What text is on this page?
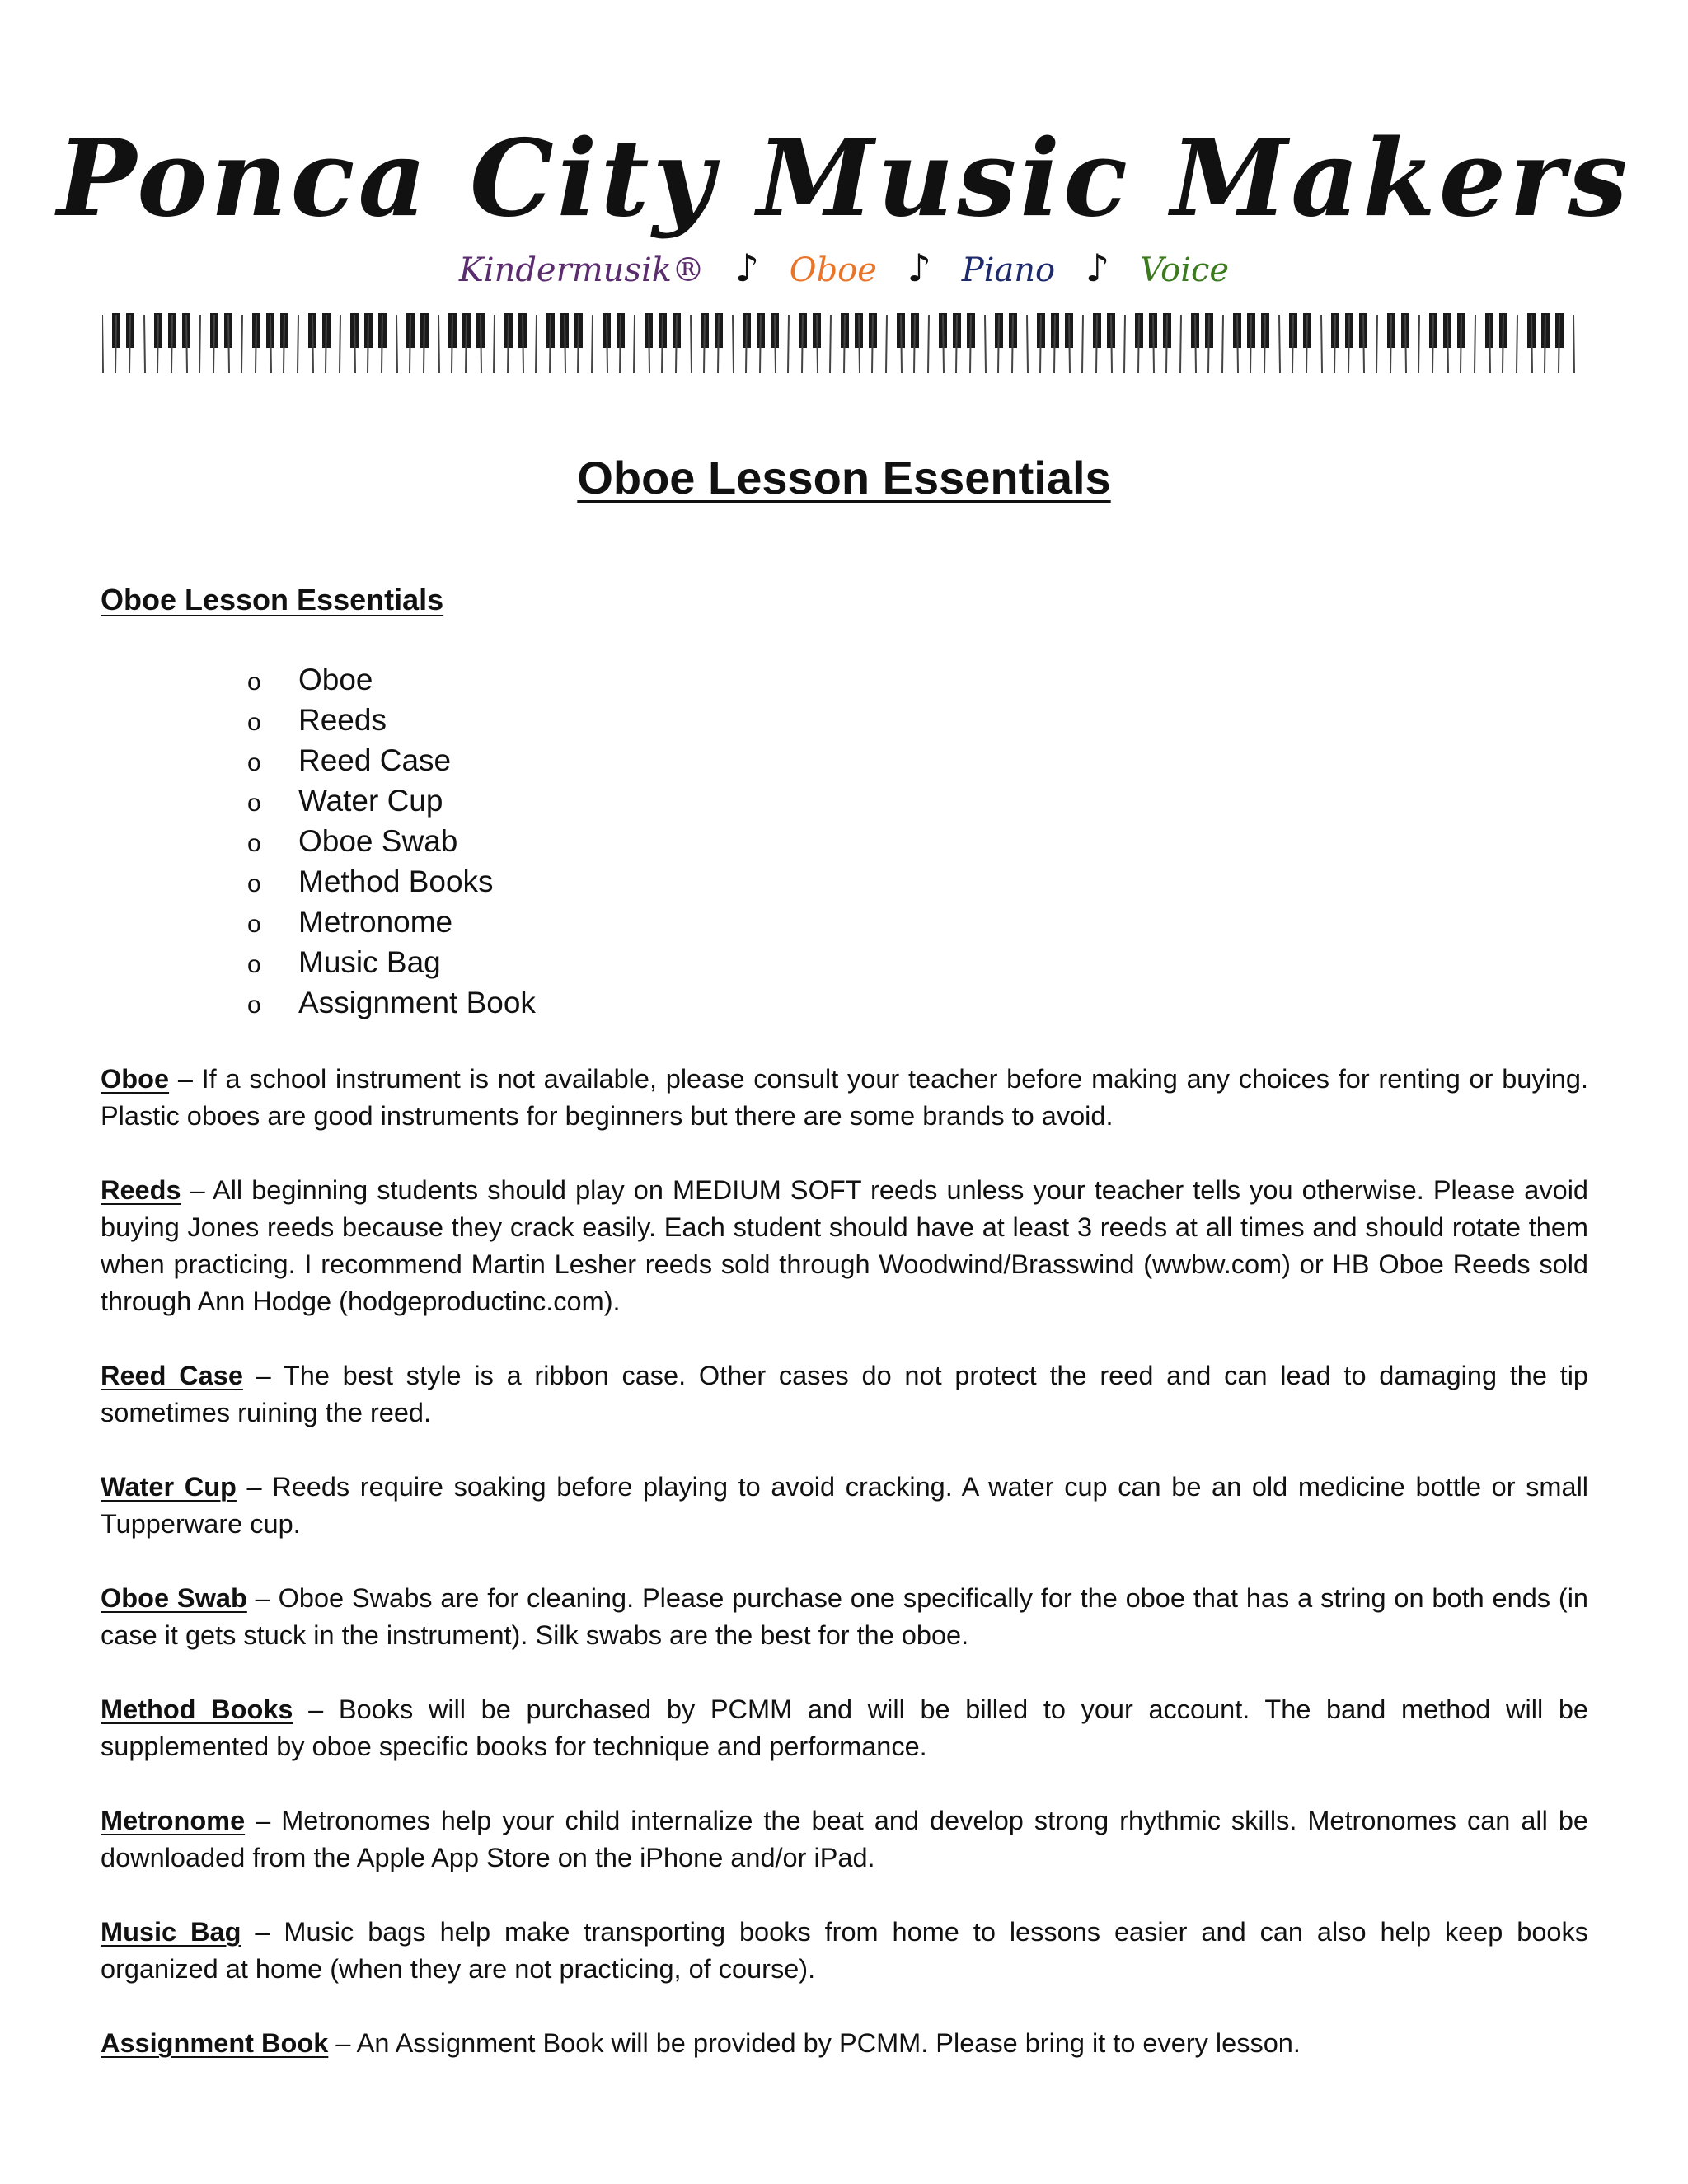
Ponca City Music Makers
Kindermusik® ♪ Oboe ♪ Piano ♪ Voice
Oboe Lesson Essentials
Oboe Lesson Essentials
o Oboe
o Reeds
o Reed Case
o Water Cup
o Oboe Swab
o Method Books
o Metronome
o Music Bag
o Assignment Book

Oboe – If a school instrument is not available, please consult your teacher before making any choices for renting or buying. Plastic oboes are good instruments for beginners but there are some brands to avoid.

Reeds – All beginning students should play on MEDIUM SOFT reeds unless your teacher tells you otherwise. Please avoid buying Jones reeds because they crack easily. Each student should have at least 3 reeds at all times and should rotate them when practicing. I recommend Martin Lesher reeds sold through Woodwind/Brasswind (wwbw.com) or HB Oboe Reeds sold through Ann Hodge (hodgeproductinc.com).

Reed Case – The best style is a ribbon case. Other cases do not protect the reed and can lead to damaging the tip sometimes ruining the reed.

Water Cup – Reeds require soaking before playing to avoid cracking. A water cup can be an old medicine bottle or small Tupperware cup.

Oboe Swab – Oboe Swabs are for cleaning. Please purchase one specifically for the oboe that has a string on both ends (in case it gets stuck in the instrument). Silk swabs are the best for the oboe.

Method Books – Books will be purchased by PCMM and will be billed to your account. The band method will be supplemented by oboe specific books for technique and performance.

Metronome – Metronomes help your child internalize the beat and develop strong rhythmic skills. Metronomes can all be downloaded from the Apple App Store on the iPhone and/or iPad.

Music Bag – Music bags help make transporting books from home to lessons easier and can also help keep books organized at home (when they are not practicing, of course).

Assignment Book – An Assignment Book will be provided by PCMM. Please bring it to every lesson.
